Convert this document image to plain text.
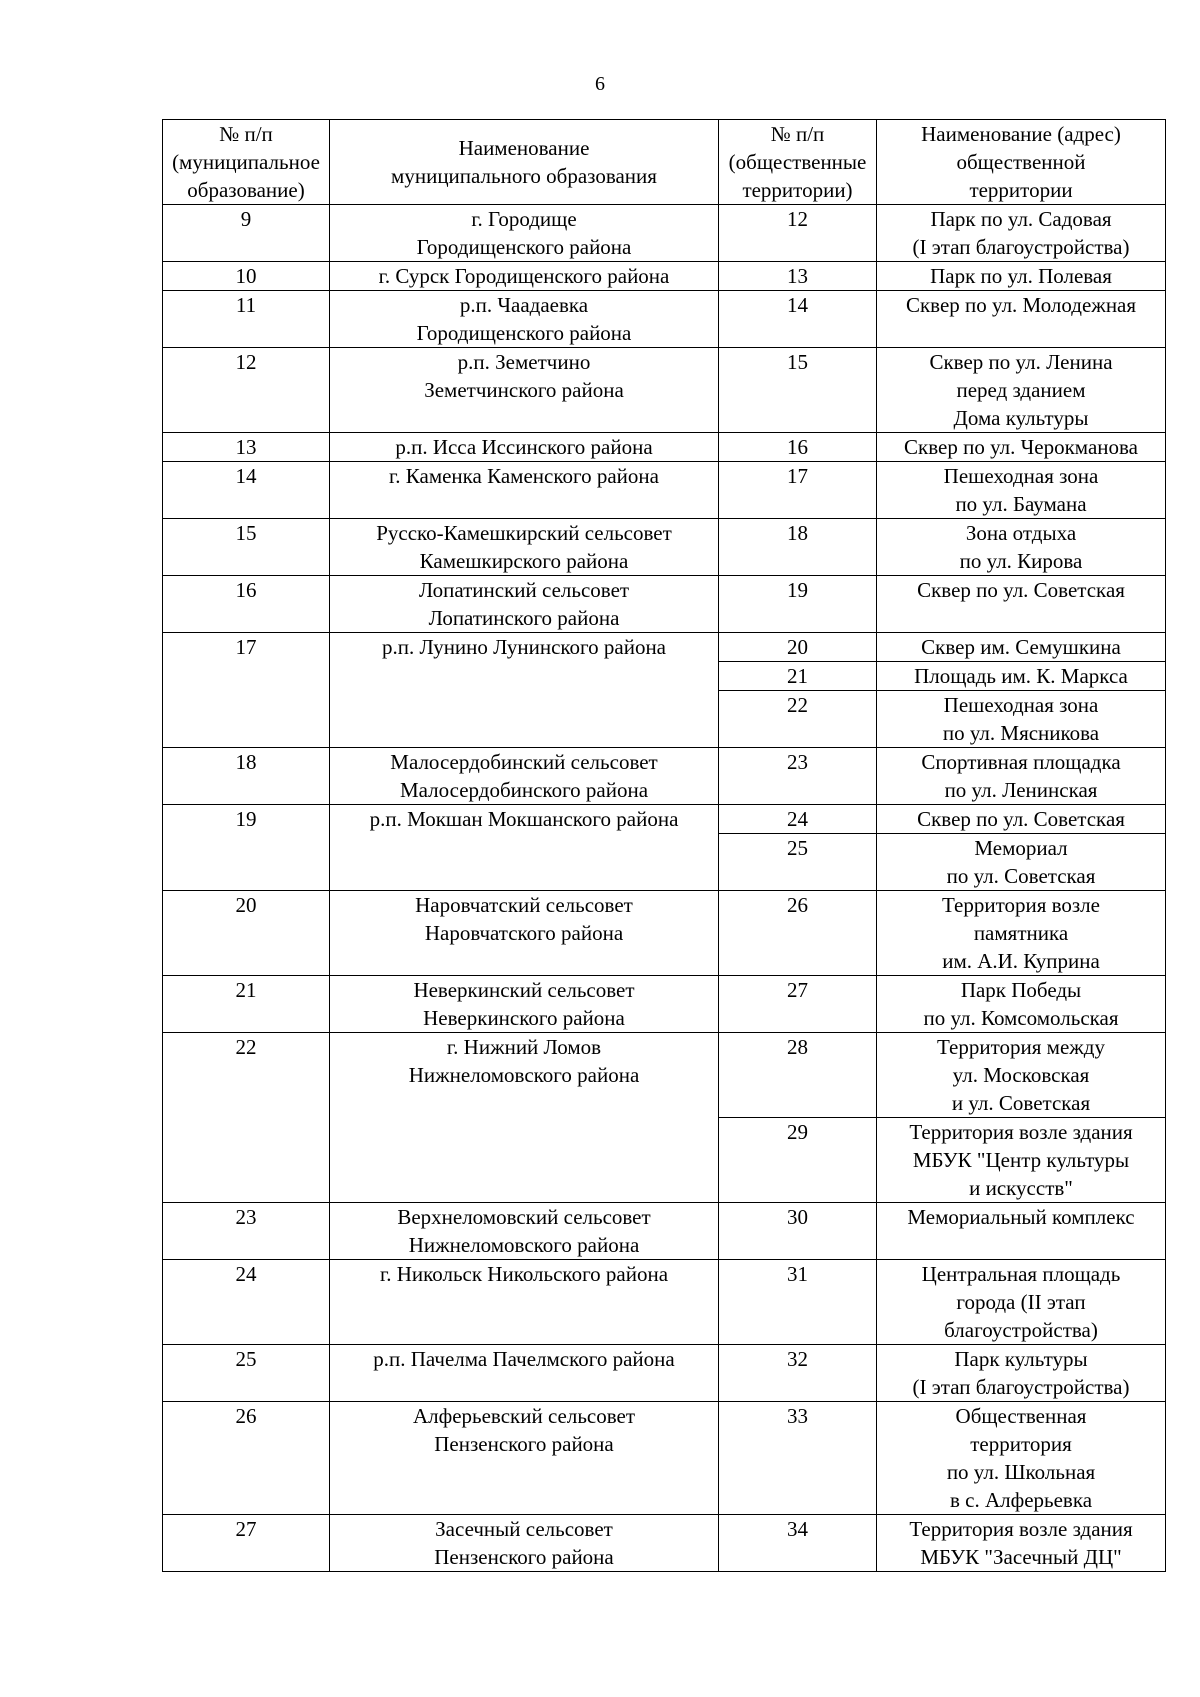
6
№ п/п
(муниципальное
образование)	Наименование
муниципального образования	№ п/п
(общественные
территории)	Наименование (адрес)
общественной
территории
9	г. Городище
Городищенского района	12	Парк по ул. Садовая
(I этап благоустройства)
10	г. Сурск Городищенского района	13	Парк по ул. Полевая
11	р.п. Чаадаевка
Городищенского района	14	Сквер по ул. Молодежная
12	р.п. Земетчино
Земетчинского района	15	Сквер по ул. Ленина
перед зданием
Дома культуры
13	р.п. Исса Иссинского района	16	Сквер по ул. Черокманова
14	г. Каменка Каменского района	17	Пешеходная зона
по ул. Баумана
15	Русско-Камешкирский сельсовет
Камешкирского района	18	Зона отдыха
по ул. Кирова
16	Лопатинский сельсовет
Лопатинского района	19	Сквер по ул. Советская

17	р.п. Лунино Лунинского района	20	Сквер им. Семушкина
		21	Площадь им. К. Маркса
		22	Пешеходная зона
по ул. Мясникова
18	Малосердобинский сельсовет
Малосердобинского района	23	Спортивная площадка
по ул. Ленинская
19	р.п. Мокшан Мокшанского района	24	Сквер по ул. Советская
		25	Мемориал
по ул. Советская
20	Наровчатский сельсовет
Наровчатского района	26	Территория возле
памятника
им. А.И. Куприна
21	Неверкинский сельсовет
Неверкинского района	27	Парк Победы
по ул. Комсомольская
22	г. Нижний Ломов
Нижнеломовского района	28	Территория между
ул. Московская
и ул. Советская
		29	Территория возле здания
МБУК "Центр культуры
и искусств"
23	Верхнеломовский сельсовет
Нижнеломовского района	30	Мемориальный комплекс

24	г. Никольск Никольского района	31	Центральная площадь
города (II этап
благоустройства)
25	р.п. Пачелма Пачелмского района	32	Парк культуры
(I этап благоустройства)
26	Алферьевский сельсовет
Пензенского района	33	Общественная
территория
по ул. Школьная
в с. Алферьевка
27	Засечный сельсовет
Пензенского района	34	Территория возле здания
МБУК "Засечный ДЦ"
